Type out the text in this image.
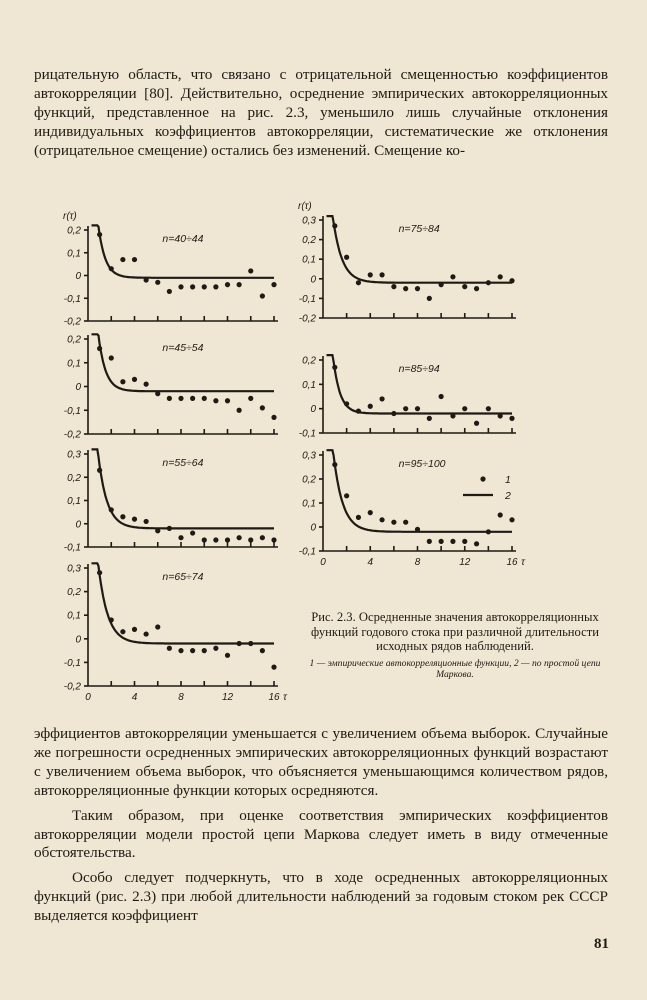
рицательную область, что связано с отрицательной смещенностью коэффициентов автокорреляции [80]. Действительно, осреднение эмпирических автокорреляционных функций, представленное на рис. 2.3, уменьшило лишь случайные отклонения индивидуальных коэффициентов автокорреляции, систематические же отклонения (отрицательное смещение) остались без изменений. Смещение ко-
0,2
0,1
0
-0,1
-0,2
r(τ)
n=40÷44
0,2
0,1
0
-0,1
-0,2
n=45÷54
0,3
0,2
0,1
0
-0,1
n=55÷64
0,3
0,2
0,1
0
-0,1
-0,2
0	4	8	12	16 τ
n=65÷74
0,3
0,2
0,1
0
-0,1
-0,2
r(τ)
n=75÷84
0,2
0,1
0
-0,1
n=85÷94
0,3
0,2
0,1
0
-0,1
0	4	8	12	16 τ
n=95÷100
1
2
Рис. 2.3. Осредненные значения автокорреляционных функций годового стока при различной длительности исходных рядов наблюдений.
1 — эмпирические автокорреляционные функции, 2 — по простой цепи Маркова.

эффициентов автокорреляции уменьшается с увеличением объема выборок. Случайные же погрешности осредненных эмпирических автокорреляционных функций возрастают с увеличением объема выборок, что объясняется уменьшающимся количеством рядов, автокорреляционные функции которых осредняются.

Таким образом, при оценке соответствия эмпирических коэффициентов автокорреляции модели простой цепи Маркова следует иметь в виду отмеченные обстоятельства.

Особо следует подчеркнуть, что в ходе осредненных автокорреляционных функций (рис. 2.3) при любой длительности наблюдений за годовым стоком рек СССР выделяется коэффициент

81
